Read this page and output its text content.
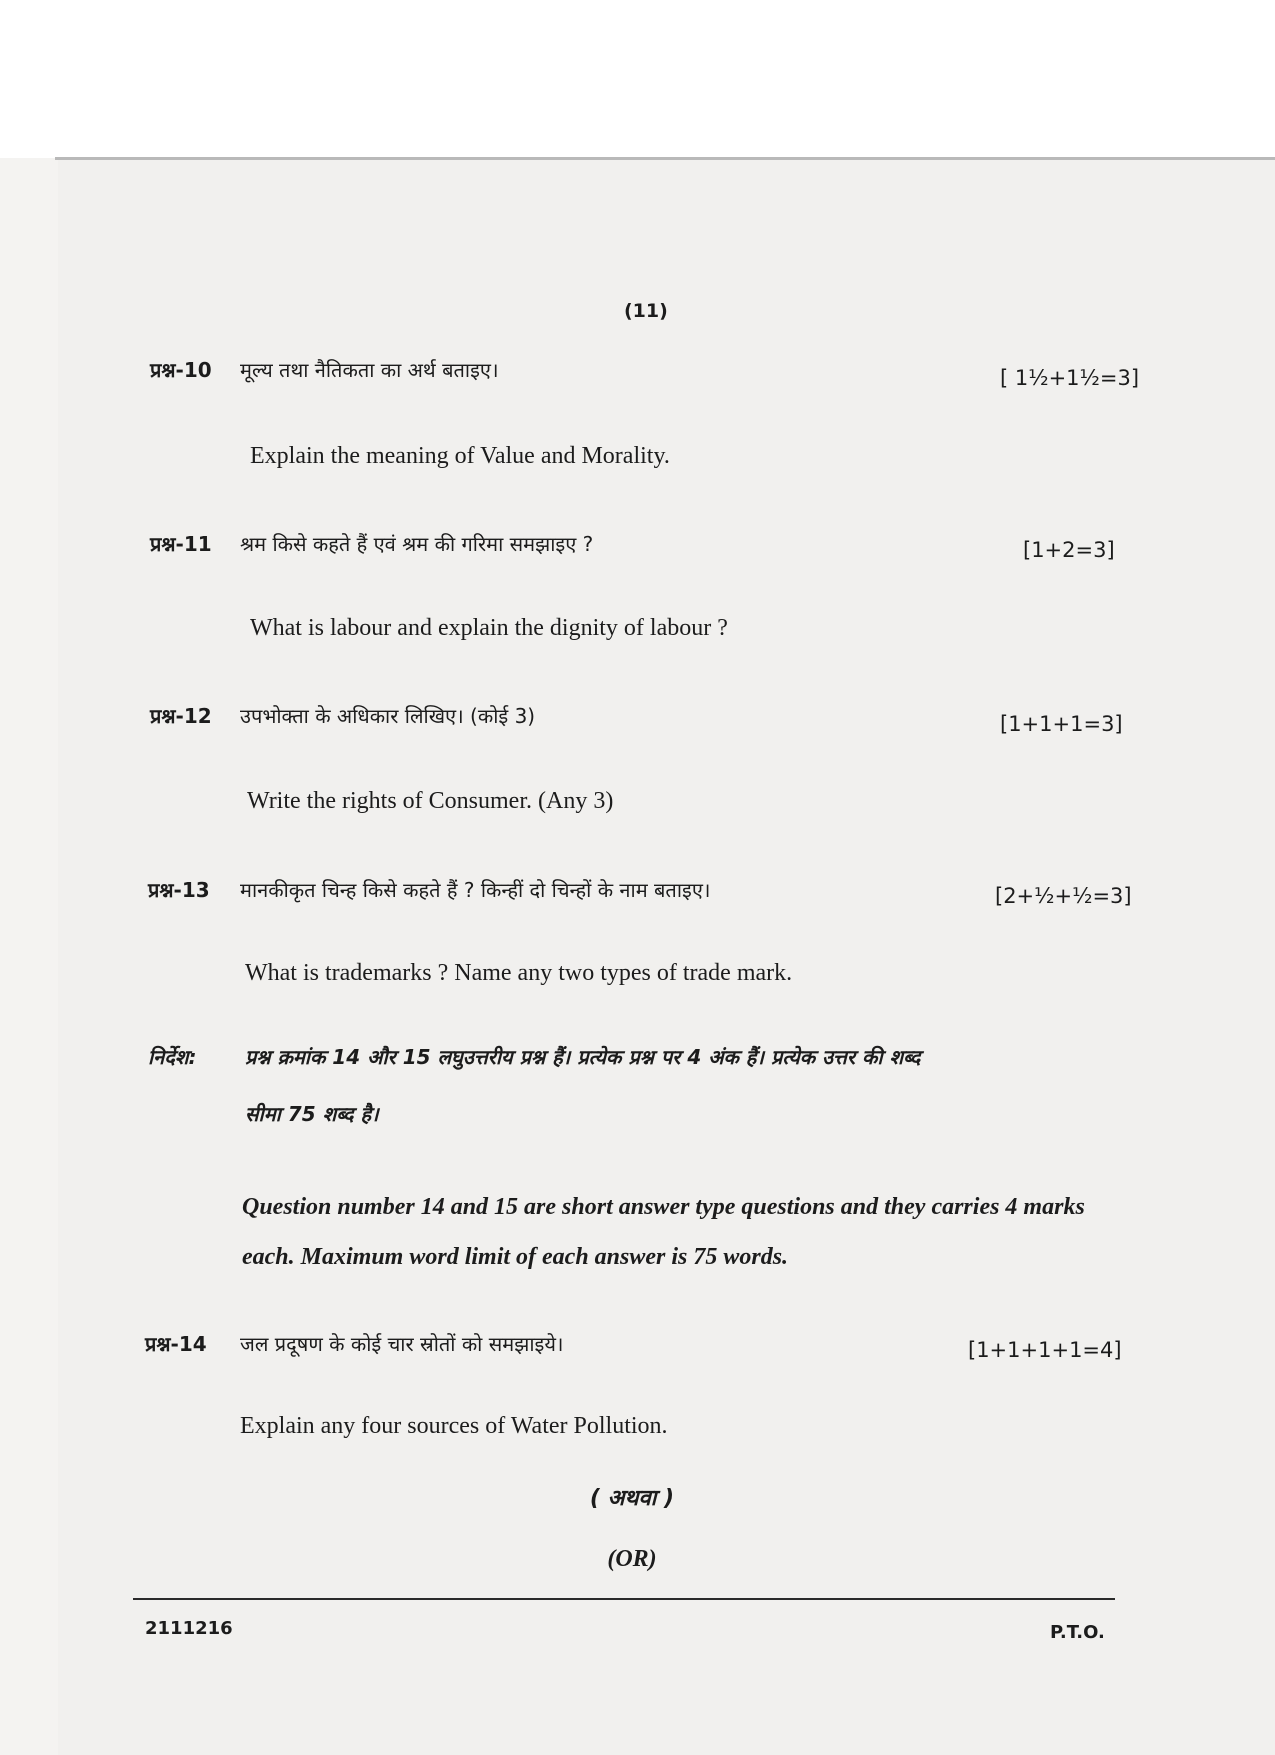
(11)
प्रश्न-10 मूल्य तथा नैतिकता का अर्थ बताइए।	[ 1½+1½=3]
Explain the meaning of Value and Morality.
प्रश्न-11 श्रम किसे कहते हैं एवं श्रम की गरिमा समझाइए ?	[1+2=3]
What is labour and explain the dignity of labour ?
प्रश्न-12 उपभोक्ता के अधिकार लिखिए। (कोई 3)	[1+1+1=3]
Write the rights of Consumer. (Any 3)
प्रश्न-13 मानकीकृत चिन्ह किसे कहते हैं ? किन्हीं दो चिन्हों के नाम बताइए।	[2+½+½=3]
What is trademarks ? Name any two types of trade mark.
निर्देश: प्रश्न क्रमांक 14 और 15 लघुउत्तरीय प्रश्न हैं। प्रत्येक प्रश्न पर 4 अंक हैं। प्रत्येक उत्तर की शब्द
सीमा 75 शब्द है।
Question number 14 and 15 are short answer type questions and they carries 4 marks each. Maximum word limit of each answer is 75 words.
प्रश्न-14 जल प्रदूषण के कोई चार स्रोतों को समझाइये।	[1+1+1+1=4]
Explain any four sources of Water Pollution.
( अथवा )
(OR)
2111216	P.T.O.
